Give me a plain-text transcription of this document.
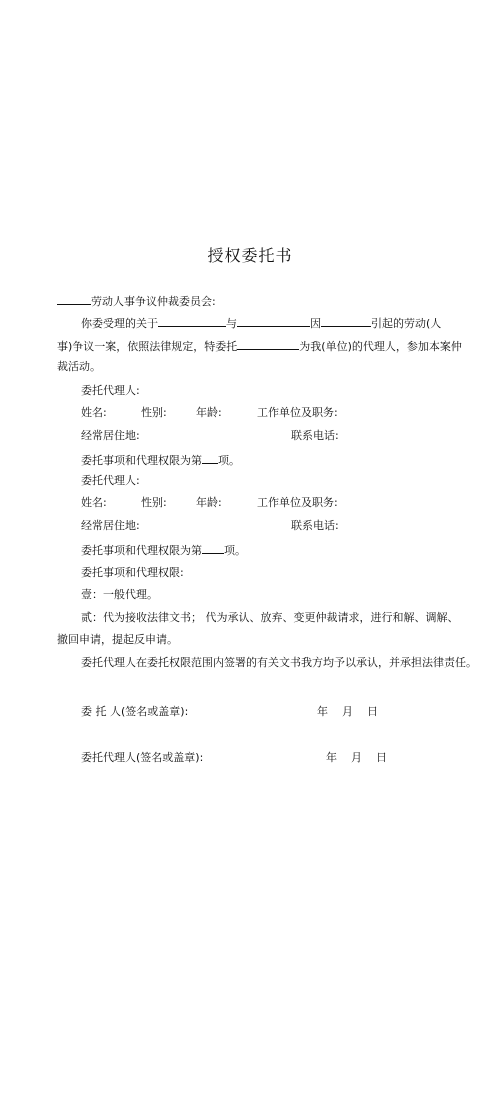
授权委托书
劳动人事争议仲裁委员会:
你委受理的关于	与	因	引起的劳动(人
事)争议一案，依照法律规定，特委托	为我(单位)的代理人，参加本案仲
裁活动。
委托代理人:
姓名:	性别:	年龄:	工作单位及职务:
经常居住地:	联系电话:
委托事项和代理权限为第 项。
委托代理人:
姓名:	性别:	年龄:	工作单位及职务:
经常居住地:	联系电话:
委托事项和代理权限为第 项。
委托事项和代理权限:
壹：一般代理。
贰：代为接收法律文书； 代为承认、放弃、变更仲裁请求，进行和解、调解、
撤回申请，提起反申请。
委托代理人在委托权限范围内签署的有关文书我方均予以承认，并承担法律责任。
委 托 人(签名或盖章):	年    月    日
委托代理人(签名或盖章):	年    月    日
